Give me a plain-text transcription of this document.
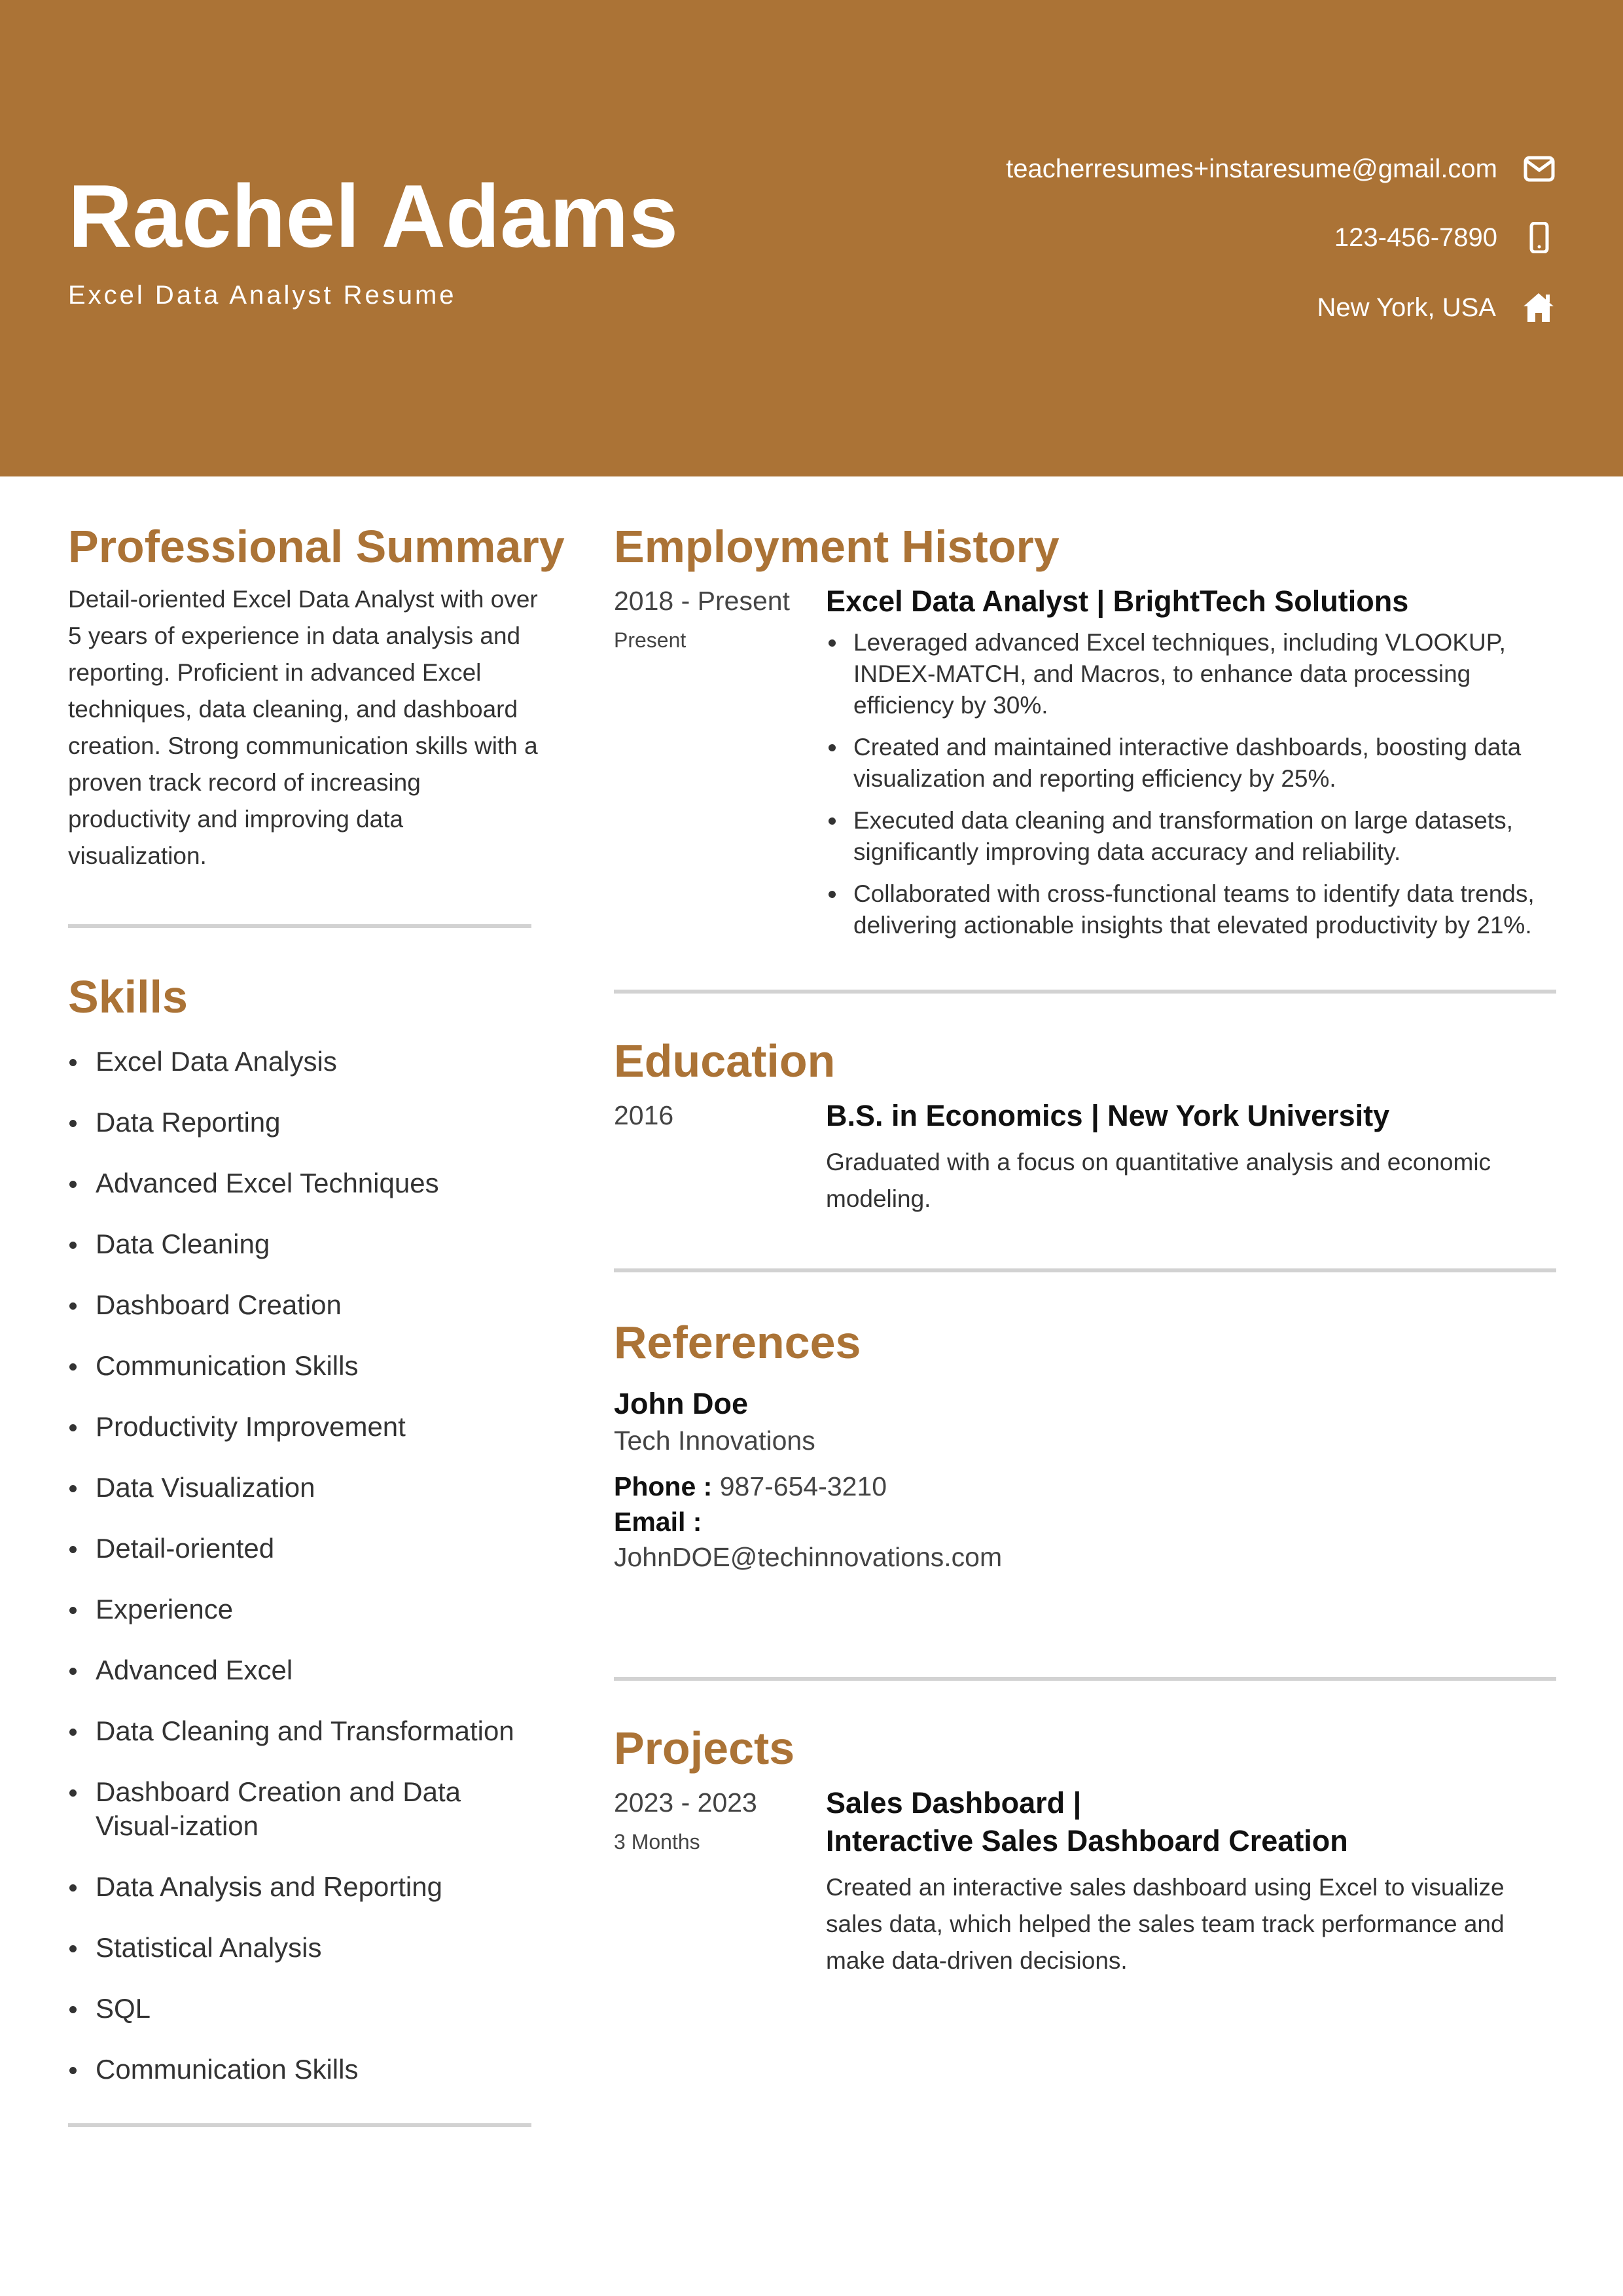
Rachel Adams
Excel Data Analyst Resume
teacherresumes+instaresume@gmail.com
123-456-7890
New York, USA
Professional Summary
Detail-oriented Excel Data Analyst with over 5 years of experience in data analysis and reporting. Proficient in advanced Excel techniques, data cleaning, and dashboard creation. Strong communication skills with a proven track record of increasing productivity and improving data visualization.
Skills
Excel Data Analysis
Data Reporting
Advanced Excel Techniques
Data Cleaning
Dashboard Creation
Communication Skills
Productivity Improvement
Data Visualization
Detail-oriented
Experience
Advanced Excel
Data Cleaning and Transformation
Dashboard Creation and Data Visual-ization
Data Analysis and Reporting
Statistical Analysis
SQL
Communication Skills
Employment History
2018 - Present
Present
Excel Data Analyst | BrightTech Solutions
Leveraged advanced Excel techniques, including VLOOKUP, INDEX-MATCH, and Macros, to enhance data processing efficiency by 30%.
Created and maintained interactive dashboards, boosting data visualization and reporting efficiency by 25%.
Executed data cleaning and transformation on large datasets, significantly improving data accuracy and reliability.
Collaborated with cross-functional teams to identify data trends, delivering actionable insights that elevated productivity by 21%.
Education
2016	B.S. in Economics | New York University
Graduated with a focus on quantitative analysis and economic modeling.
References
John Doe
Tech Innovations
Phone : 987-654-3210
Email :
JohnDOE@techinnovations.com
Projects
2023 - 2023
3 Months
Sales Dashboard |
Interactive Sales Dashboard Creation
Created an interactive sales dashboard using Excel to visualize sales data, which helped the sales team track performance and make data-driven decisions.
